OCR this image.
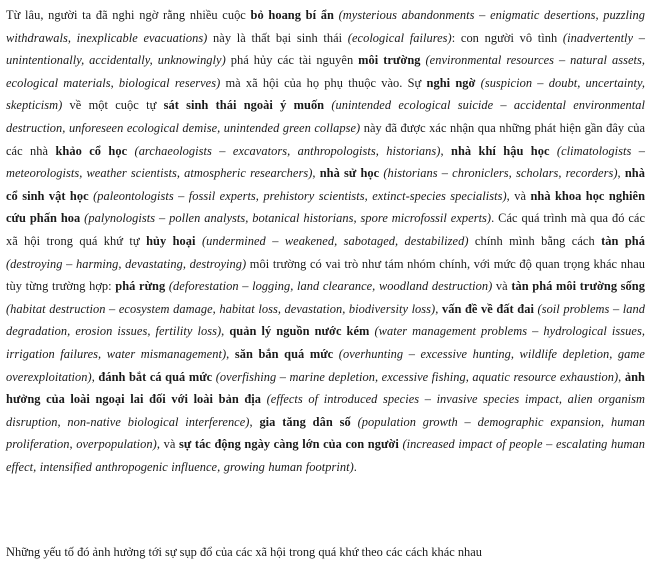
Từ lâu, người ta đã nghi ngờ rằng nhiều cuộc bỏ hoang bí ẩn (mysterious abandonments – enigmatic desertions, puzzling withdrawals, inexplicable evacuations) này là thất bại sinh thái (ecological failures): con người vô tình (inadvertently – unintentionally, accidentally, unknowingly) phá hủy các tài nguyên môi trường (environmental resources – natural assets, ecological materials, biological reserves) mà xã hội của họ phụ thuộc vào. Sự nghi ngờ (suspicion – doubt, uncertainty, skepticism) về một cuộc tự sát sinh thái ngoài ý muốn (unintended ecological suicide – accidental environmental destruction, unforeseen ecological demise, unintended green collapse) này đã được xác nhận qua những phát hiện gần đây của các nhà khảo cổ học (archaeologists – excavators, anthropologists, historians), nhà khí hậu học (climatologists – meteorologists, weather scientists, atmospheric researchers), nhà sử học (historians – chroniclers, scholars, recorders), nhà cổ sinh vật học (paleontologists – fossil experts, prehistory scientists, extinct-species specialists), và nhà khoa học nghiên cứu phấn hoa (palynologists – pollen analysts, botanical historians, spore microfossil experts). Các quá trình mà qua đó các xã hội trong quá khứ tự hủy hoại (undermined – weakened, sabotaged, destabilized) chính mình bằng cách tàn phá (destroying – harming, devastating, destroying) môi trường có vai trò như tám nhóm chính, với mức độ quan trọng khác nhau tùy từng trường hợp: phá rừng (deforestation – logging, land clearance, woodland destruction) và tàn phá môi trường sống (habitat destruction – ecosystem damage, habitat loss, devastation, biodiversity loss), vấn đề về đất đai (soil problems – land degradation, erosion issues, fertility loss), quản lý nguồn nước kém (water management problems – hydrological issues, irrigation failures, water mismanagement), săn bắn quá mức (overhunting – excessive hunting, wildlife depletion, game overexploitation), đánh bắt cá quá mức (overfishing – marine depletion, excessive fishing, aquatic resource exhaustion), ảnh hưởng của loài ngoại lai đối với loài bản địa (effects of introduced species – invasive species impact, alien organism disruption, non-native biological interference), gia tăng dân số (population growth – demographic expansion, human proliferation, overpopulation), và sự tác động ngày càng lớn của con người (increased impact of people – escalating human effect, intensified anthropogenic influence, growing human footprint).

Những yếu tố đó ảnh hưởng tới sự sụp đổ của các xã hội trong quá khứ theo các cách khác nhau
